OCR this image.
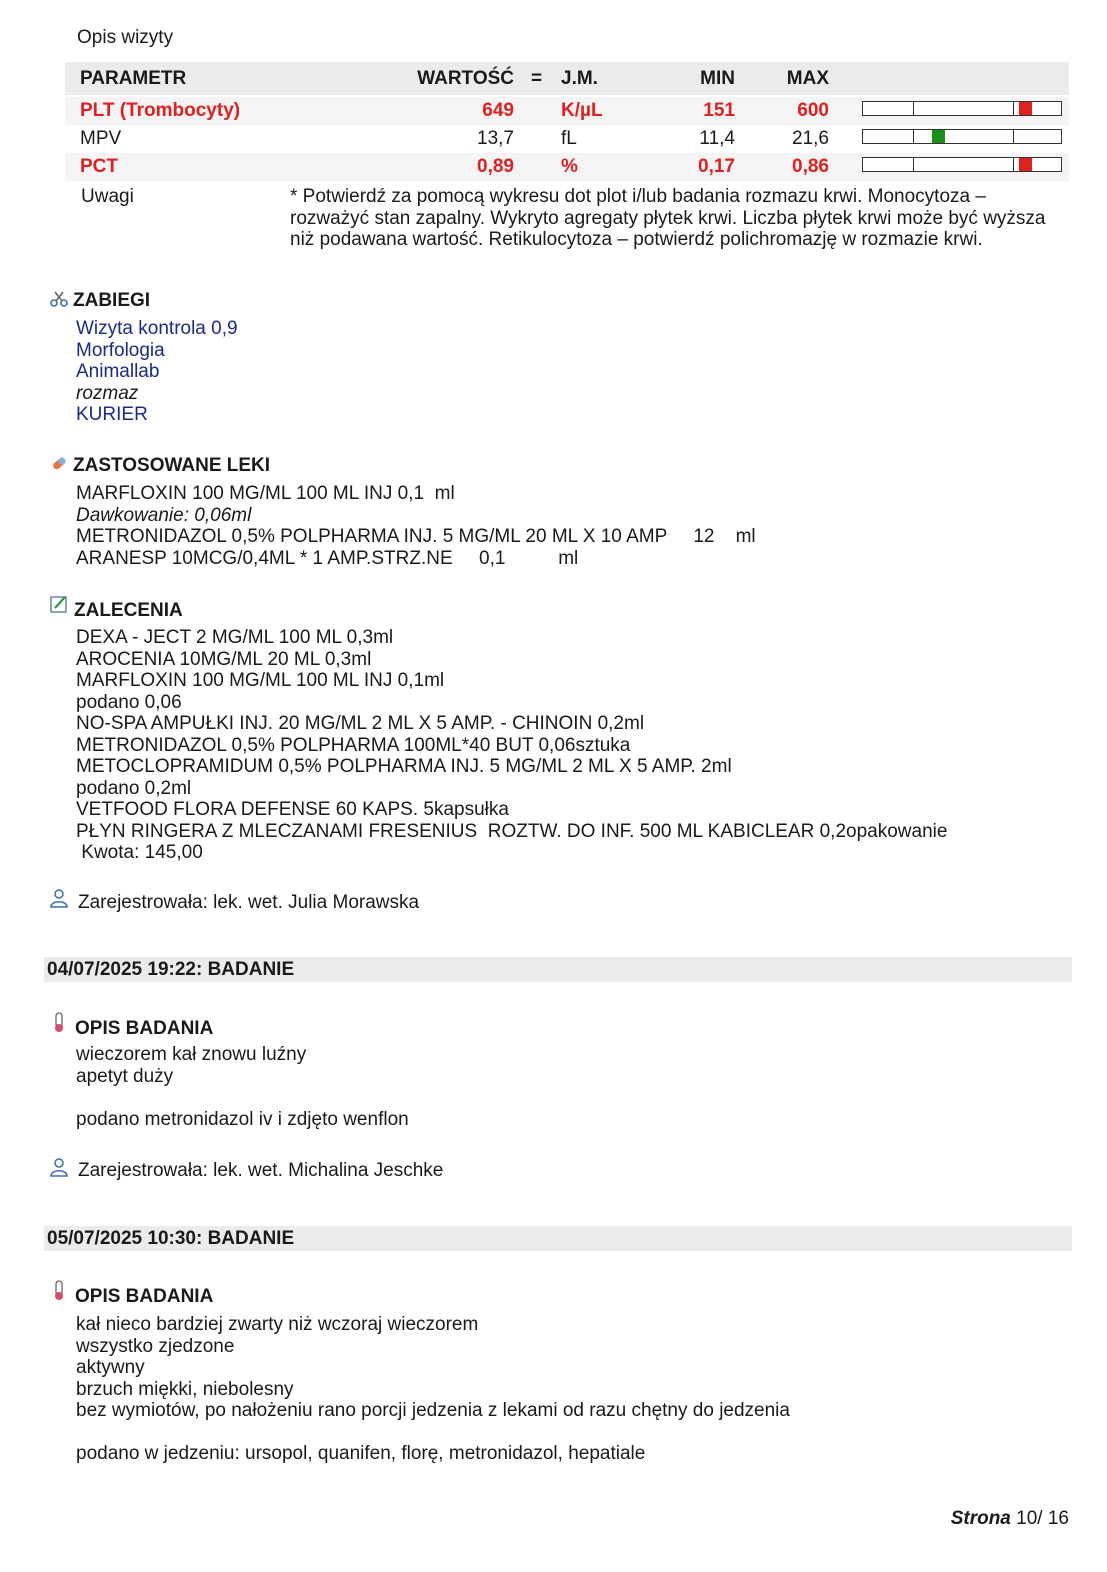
Opis wizyty
PARAMETR	WARTOŚĆ = J.M.	MIN	MAX
PLT (Trombocyty)	649 K/µL	151	600
MPV	13,7 fL	11,4	21,6
PCT	0,89 %	0,17	0,86
Uwagi	* Potwierdź za pomocą wykresu dot plot i/lub badania rozmazu krwi. Monocytoza –
rozważyć stan zapalny. Wykryto agregaty płytek krwi. Liczba płytek krwi może być wyższa
niż podawana wartość. Retikulocytoza – potwierdź polichromazję w rozmazie krwi.
ZABIEGI
Wizyta kontrola 0,9
Morfologia
Animallab
rozmaz
KURIER
ZASTOSOWANE LEKI
MARFLOXIN 100 MG/ML 100 ML INJ 0,1  ml
Dawkowanie: 0,06ml
METRONIDAZOL 0,5% POLPHARMA INJ. 5 MG/ML 20 ML X 10 AMP     12    ml
ARANESP 10MCG/0,4ML * 1 AMP.STRZ.NE     0,1          ml
ZALECENIA
DEXA - JECT 2 MG/ML 100 ML 0,3ml
AROCENIA 10MG/ML 20 ML 0,3ml
MARFLOXIN 100 MG/ML 100 ML INJ 0,1ml
podano 0,06
NO-SPA AMPUŁKI INJ. 20 MG/ML 2 ML X 5 AMP. - CHINOIN 0,2ml
METRONIDAZOL 0,5% POLPHARMA 100ML*40 BUT 0,06sztuka
METOCLOPRAMIDUM 0,5% POLPHARMA INJ. 5 MG/ML 2 ML X 5 AMP. 2ml
podano 0,2ml
VETFOOD FLORA DEFENSE 60 KAPS. 5kapsułka
PŁYN RINGERA Z MLECZANAMI FRESENIUS  ROZTW. DO INF. 500 ML KABICLEAR 0,2opakowanie
Kwota: 145,00
Zarejestrowała: lek. wet. Julia Morawska
04/07/2025 19:22: BADANIE
OPIS BADANIA
wieczorem kał znowu luźny
apetyt duży
podano metronidazol iv i zdjęto wenflon
Zarejestrowała: lek. wet. Michalina Jeschke
05/07/2025 10:30: BADANIE
OPIS BADANIA
kał nieco bardziej zwarty niż wczoraj wieczorem
wszystko zjedzone
aktywny
brzuch miękki, niebolesny
bez wymiotów, po nałożeniu rano porcji jedzenia z lekami od razu chętny do jedzenia
podano w jedzeniu: ursopol, quanifen, florę, metronidazol, hepatiale
Strona 10/ 16
